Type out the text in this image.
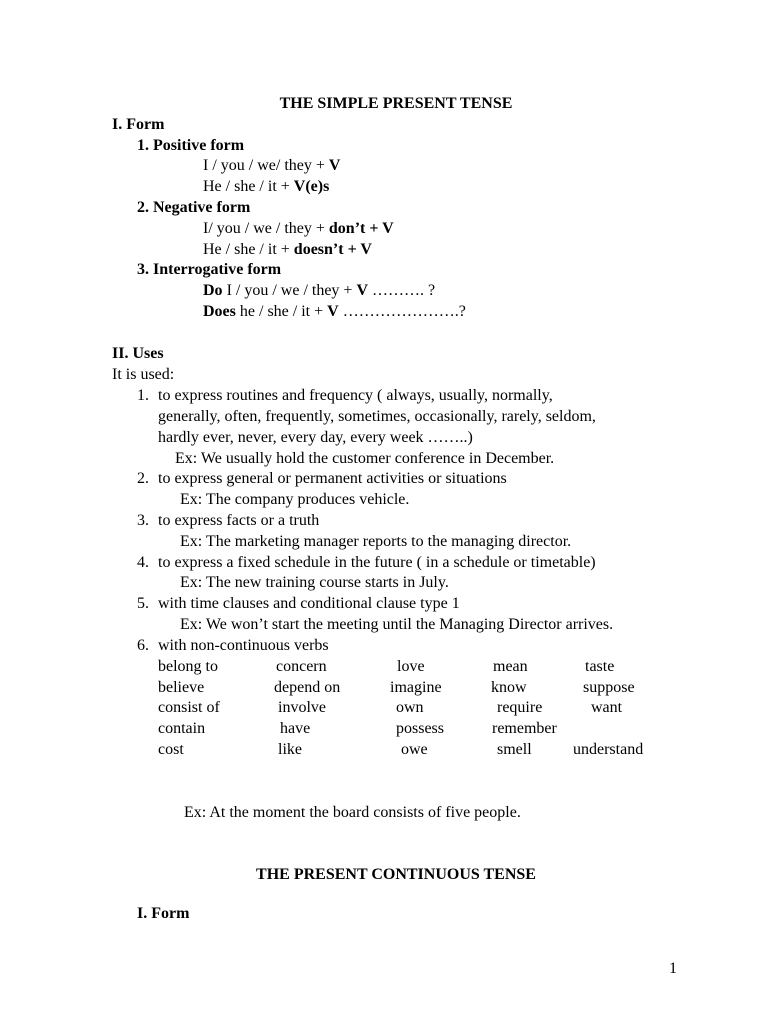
THE SIMPLE PRESENT TENSE
I. Form
1. Positive form
I / you / we/ they + V
He / she / it + V(e)s
2. Negative form
I/ you / we / they + don’t + V
He / she / it + doesn’t + V
3. Interrogative form
Do I / you / we / they + V ………. ?
Does he / she / it + V ………………….?
II. Uses
It is used:
1. to express routines and frequency ( always, usually, normally,
generally, often, frequently, sometimes, occasionally, rarely, seldom,
hardly ever, never, every day, every week ……..)
Ex: We usually hold the customer conference in December.
2. to express general or permanent activities or situations
Ex: The company produces vehicle.
3. to express facts or a truth
Ex: The marketing manager reports to the managing director.
4. to express a fixed schedule in the future ( in a schedule or timetable)
Ex: The new training course starts in July.
5. with time clauses and conditional clause type 1
Ex: We won’t start the meeting until the Managing Director arrives.
6. with non-continuous verbs
belong to	concern	love	mean	taste
believe	depend on	imagine	know	suppose
consist of	involve	own	require	want
contain	have	possess	remember
cost	like	owe	smell	understand
Ex: At the moment the board consists of five people.
THE PRESENT CONTINUOUS TENSE
I. Form
1
